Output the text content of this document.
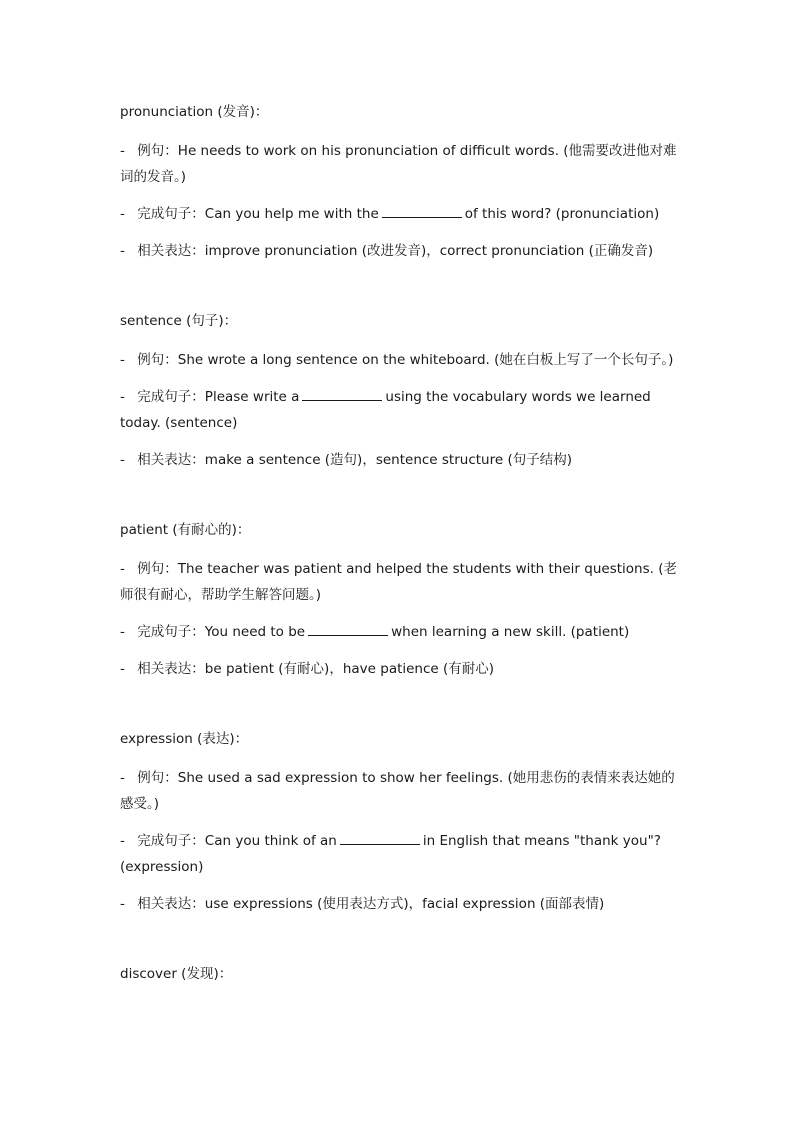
pronunciation (发音)：

- 例句：He needs to work on his pronunciation of difficult words. (他需要改进他对难词的发音。)

- 完成句子：Can you help me with the	of this word? (pronunciation)

- 相关表达：improve pronunciation (改进发音)，correct pronunciation (正确发音)

sentence (句子)：

- 例句：She wrote a long sentence on the whiteboard. (她在白板上写了一个长句子。)

- 完成句子：Please write a	using the vocabulary words we learned today. (sentence)

- 相关表达：make a sentence (造句)，sentence structure (句子结构)

patient (有耐心的)：

- 例句：The teacher was patient and helped the students with their questions. (老师很有耐心，帮助学生解答问题。)

- 完成句子：You need to be	when learning a new skill. (patient)

- 相关表达：be patient (有耐心)，have patience (有耐心)

expression (表达)：

- 例句：She used a sad expression to show her feelings. (她用悲伤的表情来表达她的感受。)

- 完成句子：Can you think of an	in English that means "thank you"? (expression)

- 相关表达：use expressions (使用表达方式)，facial expression (面部表情)

discover (发现)：
